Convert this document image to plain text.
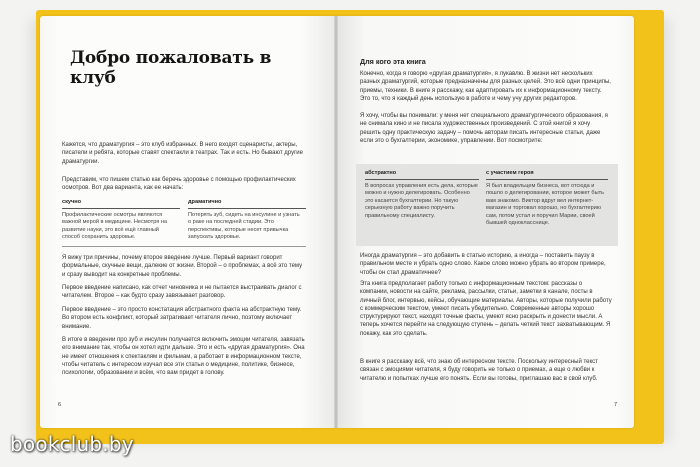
Добро пожаловать в клуб

Кажется, что драматургия – это клуб избранных. В него входят сценаристы, актеры, писатели и ребята, которые ставят спектакли в театрах. Так и есть. Но бывают другие драматургии.

Представим, что пишем статью как беречь здоровье с помощью профилактических осмотров. Вот два варианта, как ее начать:

скучно	драматично
Профилактические осмотры являются важной мерой в медицине. Несмотря на развитие науки, это всё ещё главный способ сохранить здоровье.
Потерять зуб, сидеть на инсулине и узнать о раке на последней стадии. Это перспективы, которые несет привычка запускать здоровье.

Я вижу три причины, почему второе введение лучше. Первый вариант говорит формальные, скучные вещи, далекие от жизни. Второй – о проблемах, а всё это тему и сразу выводит на конкретные проблемы.

Первое введение написано, как отчет чиновника и не пытается выстраивать диалог с читателем. Второе – как будто сразу завязывает разговор.

Первое введение – это просто констатация абстрактного факта на абстрактную тему. Во втором есть конфликт, который затрагивает читателя лично, поэтому включает внимание.

В итоге в введении про зуб и инсулин получается включить эмоции читателя, завязать его внимание так, чтобы он хотел идти дальше. Это и есть «другая драматургия». Она не имеет отношения к спектаклям и фильмам, а работает в информационном тексте, чтобы читатель с интересом изучал все эти статьи о медицине, политике, бизнесе, психологии, образовании и всём, что вам придет в голову.

6
Для кого эта книга

Конечно, когда я говорю «другая драматургия», я лукавлю. В жизни нет нескольких разных драматургий, которые предназначены для разных целей. Это всё одни принципы, приемы, техники. В книге я расскажу, как адаптировать их к информационному тексту. Это то, что я каждый день использую в работе и чему учу других редакторов.

Я хочу, чтобы вы понимали: у меня нет специального драматургического образования, я не снимала кино и не писала художественных произведений. С этой книгой я хочу решить одну практическую задачу – помочь авторам писать интересные статьи, даже если это о бухгалтерии, экономике, управлении. Вот посмотрите:

абстрактно	с участием героя
В вопросах управления есть дела, которые можно и нужно делегировать. Особенно это касается бухгалтерии. Но такую серьезную работу важно поручить правильному специалисту.
Я был владельцем бизнеса, вот отсюда и пошло о делегировании, которое может быть вам знакомо. Виктор вдруг вел интернет-магазин и торговал хорошо, но бухгалтерию сам, потом устал и поручил Марии, своей бывшей однокласснице.

Иногда драматургия – это добавить в статью историю, а иногда – поставить паузу в правильном месте и убрать одно слово. Какое слово можно убрать во втором примере, чтобы он стал драматичнее?

Эта книга предполагает работу только с информационным текстом: рассказы о компании, новости на сайте, реклама, рассылки, статьи, заметки в канале, посты в личный блог, интервью, кейсы, обучающие материалы. Авторы, которые получили работу с коммерческим текстом, умеют писать убедительно. Современные авторы хорошо структурируют текст, находят точные факты, умеют ясно раскрыть и донести мысли. А теперь хочется перейти на следующую ступень – делать четкий текст захватывающим. Я покажу, как это сделать.

В книге я расскажу всё, что знаю об интересном тексте. Поскольку интересный текст связан с эмоциями читателя, я буду говорить не только о приемах, а еще о любви к читателю и попытках лучше его понять. Если вы готовы, приглашаю вас в свой клуб.

7
bookclub.by
